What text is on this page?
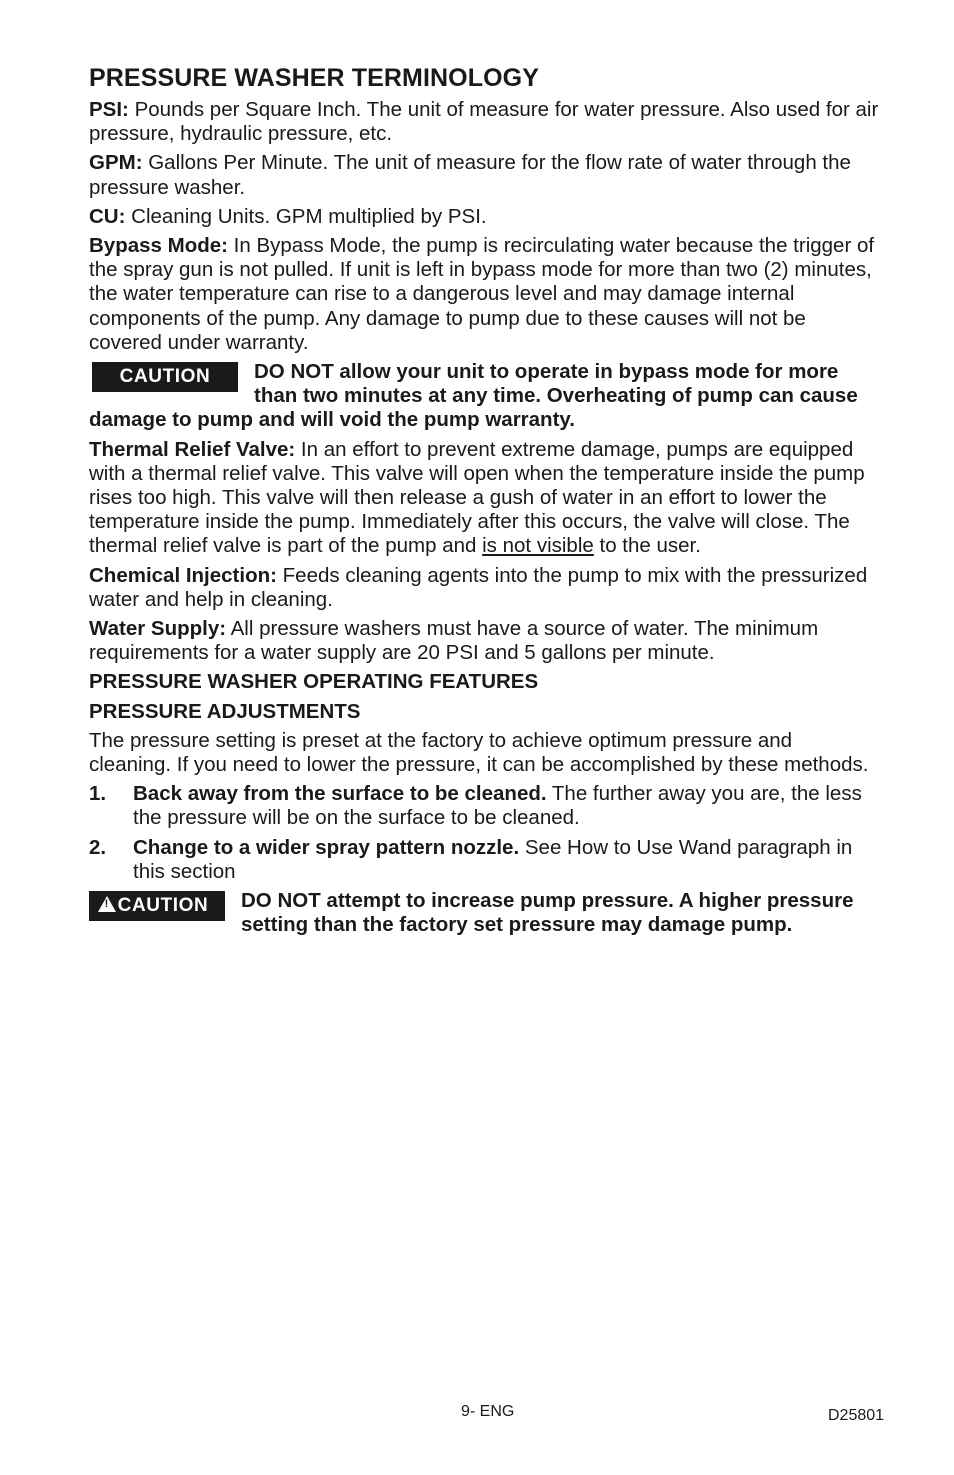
PRESSURE WASHER TERMINOLOGY

PSI: Pounds per Square Inch. The unit of measure for water pressure. Also used for air pressure, hydraulic pressure, etc.

GPM: Gallons Per Minute. The unit of measure for the flow rate of water through the pressure washer.

CU: Cleaning Units. GPM multiplied by PSI.

Bypass Mode: In Bypass Mode, the pump is recirculating water because the trigger of the spray gun is not pulled. If unit is left in bypass mode for more than two (2) minutes, the water temperature can rise to a dangerous level and may damage internal components of the pump. Any damage to pump due to these causes will not be covered under warranty.

CAUTION	DO NOT allow your unit to operate in bypass mode for more than two minutes at any time. Overheating of pump can cause damage to pump and will void the pump warranty.

Thermal Relief Valve: In an effort to prevent extreme damage, pumps are equipped with a thermal relief valve. This valve will open when the temperature inside the pump rises too high. This valve will then release a gush of water in an effort to lower the temperature inside the pump. Immediately after this occurs, the valve will close. The thermal relief valve is part of the pump and is not visible to the user.

Chemical Injection: Feeds cleaning agents into the pump to mix with the pressurized water and help in cleaning.

Water Supply: All pressure washers must have a source of water. The minimum requirements for a water supply are 20 PSI and 5 gallons per minute.

PRESSURE WASHER OPERATING FEATURES
PRESSURE ADJUSTMENTS

The pressure setting is preset at the factory to achieve optimum pressure and cleaning. If you need to lower the pressure, it can be accomplished by these methods.

1. Back away from the surface to be cleaned. The further away you are, the less the pressure will be on the surface to be cleaned.
2. Change to a wider spray pattern nozzle. See How to Use Wand paragraph in this section
! CAUTION	DO NOT attempt to increase pump pressure. A higher pressure setting than the factory set pressure may damage pump.
9- ENG	D25801
